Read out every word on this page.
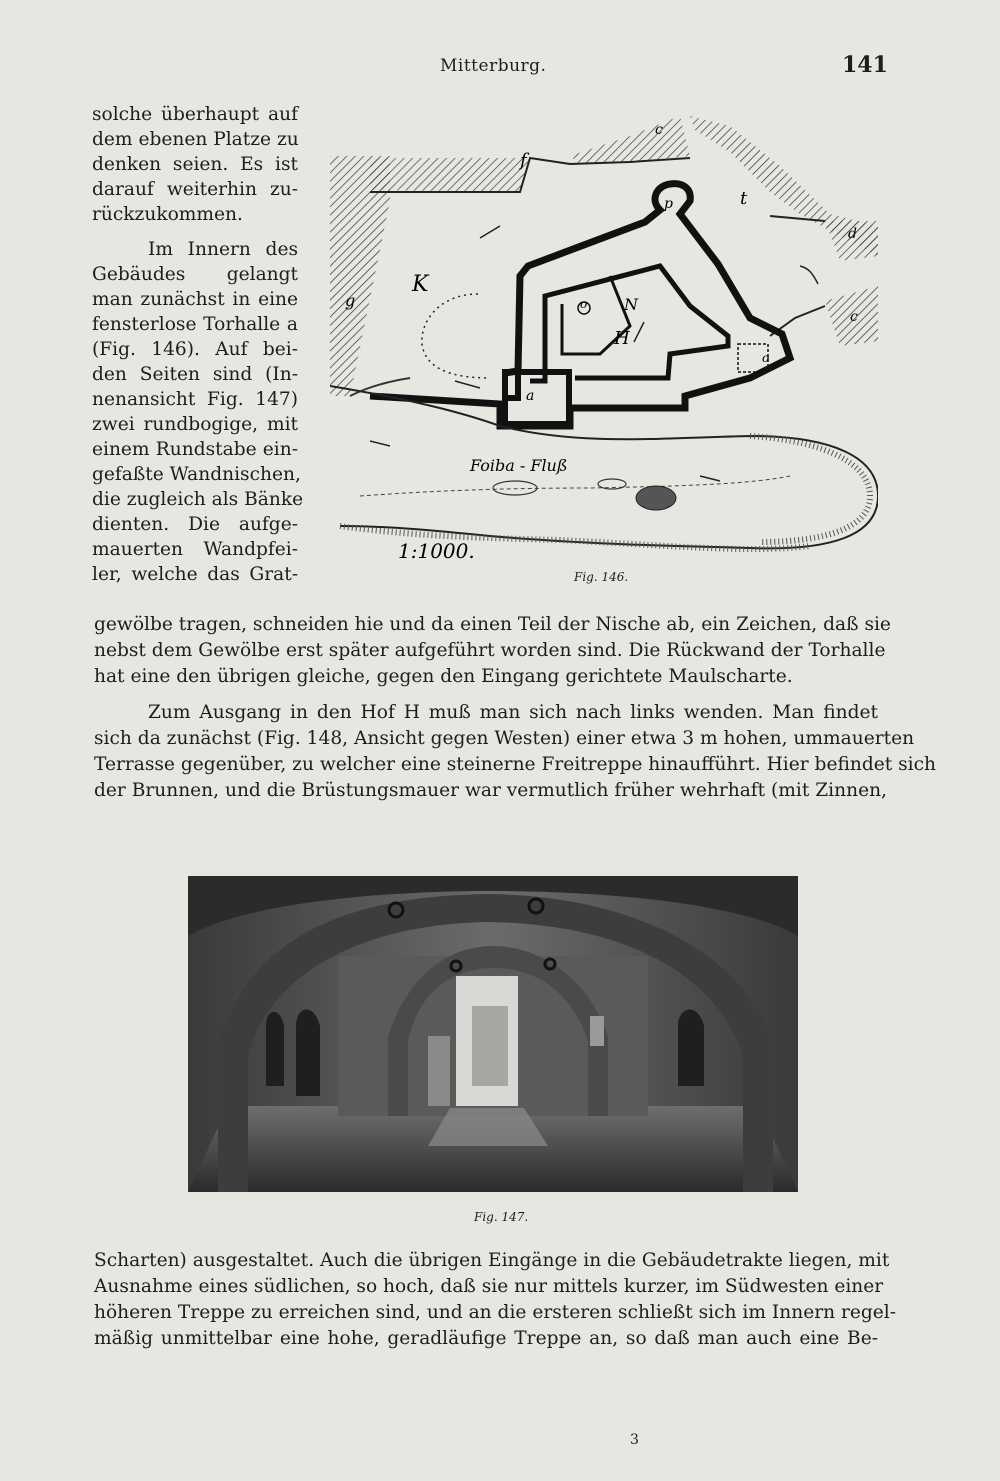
Mitterburg.	141
solche überhaupt auf
dem ebenen Platze zu
denken seien. Es ist
darauf weiterhin zu-
rückzukommen.
Im Innern des
Gebäudes gelangt
man zunächst in eine
fensterlose Torhalle a
(Fig. 146). Auf bei-
den Seiten sind (In-
nenansicht Fig. 147)
zwei rundbogige, mit
einem Rundstabe ein-
gefaßte Wandnischen,
die zugleich als Bänke
dienten. Die aufge-
mauerten Wandpfei-
ler, welche das Grat-
K
N
H
a
o
p	t
f
g
c
c
d
o
Foiba - Fluß
1:1000.
Fig. 146.
gewölbe tragen, schneiden hie und da einen Teil der Nische ab, ein Zeichen, daß sie
nebst dem Gewölbe erst später aufgeführt worden sind. Die Rückwand der Torhalle
hat eine den übrigen gleiche, gegen den Eingang gerichtete Maulscharte.
Zum Ausgang in den Hof H muß man sich nach links wenden. Man findet
sich da zunächst (Fig. 148, Ansicht gegen Westen) einer etwa 3 m hohen, ummauerten
Terrasse gegenüber, zu welcher eine steinerne Freitreppe hinaufführt. Hier befindet sich
der Brunnen, und die Brüstungsmauer war vermutlich früher wehrhaft (mit Zinnen,
Fig. 147.
Scharten) ausgestaltet. Auch die übrigen Eingänge in die Gebäudetrakte liegen, mit
Ausnahme eines südlichen, so hoch, daß sie nur mittels kurzer, im Südwesten einer
höheren Treppe zu erreichen sind, und an die ersteren schließt sich im Innern regel-
mäßig unmittelbar eine hohe, geradläufige Treppe an, so daß man auch eine Be-
3
